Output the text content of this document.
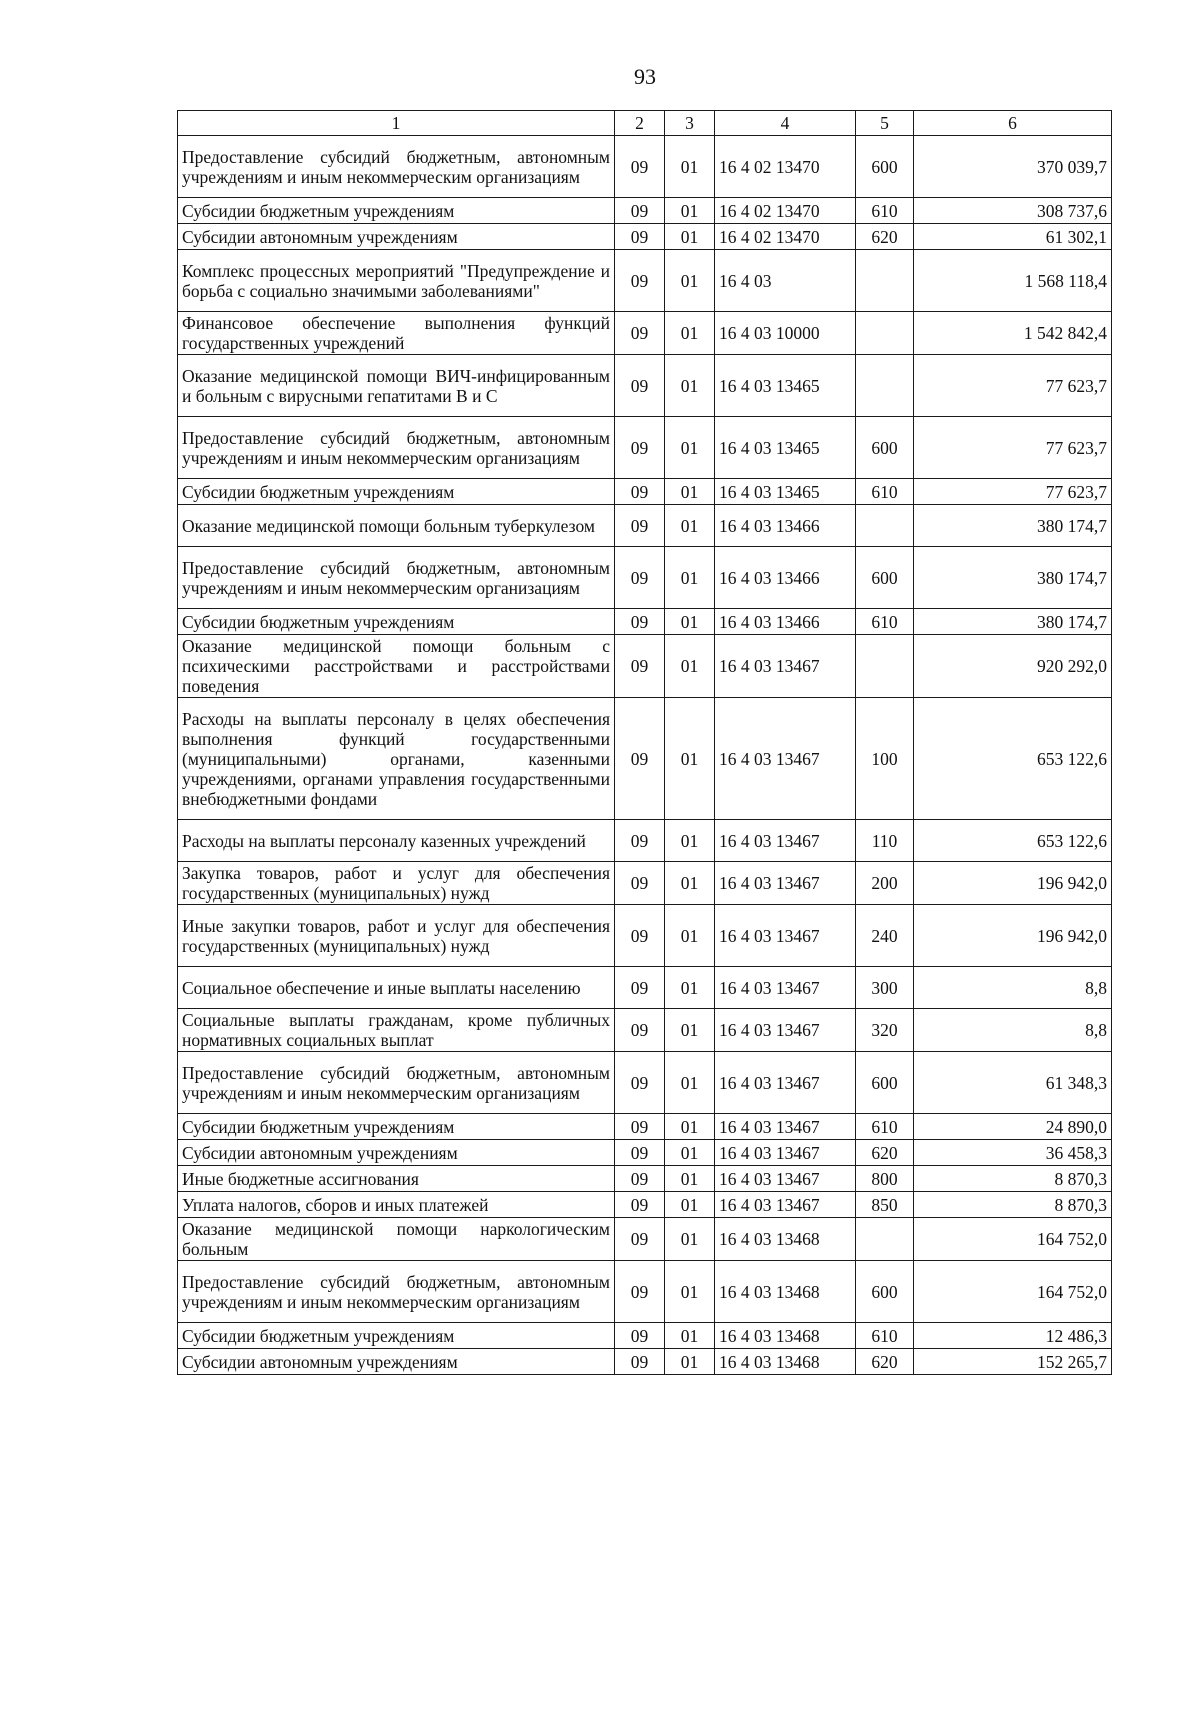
93
1	2	3	4	5	6
Предоставление субсидий бюджетным, автономным учреждениям и иным некоммерческим организациям	09	01	16 4 02 13470	600	370 039,7
Субсидии бюджетным учреждениям	09	01	16 4 02 13470	610	308 737,6
Субсидии автономным учреждениям	09	01	16 4 02 13470	620	61 302,1
Комплекс процессных мероприятий "Предупреждение и борьба с социально значимыми заболеваниями"	09	01	16 4 03		1 568 118,4
Финансовое обеспечение выполнения функций государственных учреждений	09	01	16 4 03 10000		1 542 842,4
Оказание медицинской помощи ВИЧ-инфицированным и больным с вирусными гепатитами В и С	09	01	16 4 03 13465		77 623,7
Предоставление субсидий бюджетным, автономным учреждениям и иным некоммерческим организациям	09	01	16 4 03 13465	600	77 623,7
Субсидии бюджетным учреждениям	09	01	16 4 03 13465	610	77 623,7
Оказание медицинской помощи больным туберкулезом	09	01	16 4 03 13466		380 174,7
Предоставление субсидий бюджетным, автономным учреждениям и иным некоммерческим организациям	09	01	16 4 03 13466	600	380 174,7
Субсидии бюджетным учреждениям	09	01	16 4 03 13466	610	380 174,7
Оказание медицинской помощи больным с психическими расстройствами и расстройствами поведения	09	01	16 4 03 13467		920 292,0
Расходы на выплаты персоналу в целях обеспечения выполнения функций государственными (муниципальными) органами, казенными учреждениями, органами управления государственными внебюджетными фондами	09	01	16 4 03 13467	100	653 122,6
Расходы на выплаты персоналу казенных учреждений	09	01	16 4 03 13467	110	653 122,6
Закупка товаров, работ и услуг для обеспечения государственных (муниципальных) нужд	09	01	16 4 03 13467	200	196 942,0
Иные закупки товаров, работ и услуг для обеспечения государственных (муниципальных) нужд	09	01	16 4 03 13467	240	196 942,0
Социальное обеспечение и иные выплаты населению	09	01	16 4 03 13467	300	8,8
Социальные выплаты гражданам, кроме публичных нормативных социальных выплат	09	01	16 4 03 13467	320	8,8
Предоставление субсидий бюджетным, автономным учреждениям и иным некоммерческим организациям	09	01	16 4 03 13467	600	61 348,3
Субсидии бюджетным учреждениям	09	01	16 4 03 13467	610	24 890,0
Субсидии автономным учреждениям	09	01	16 4 03 13467	620	36 458,3
Иные бюджетные ассигнования	09	01	16 4 03 13467	800	8 870,3
Уплата налогов, сборов и иных платежей	09	01	16 4 03 13467	850	8 870,3
Оказание медицинской помощи наркологическим больным	09	01	16 4 03 13468		164 752,0
Предоставление субсидий бюджетным, автономным учреждениям и иным некоммерческим организациям	09	01	16 4 03 13468	600	164 752,0
Субсидии бюджетным учреждениям	09	01	16 4 03 13468	610	12 486,3
Субсидии автономным учреждениям	09	01	16 4 03 13468	620	152 265,7
